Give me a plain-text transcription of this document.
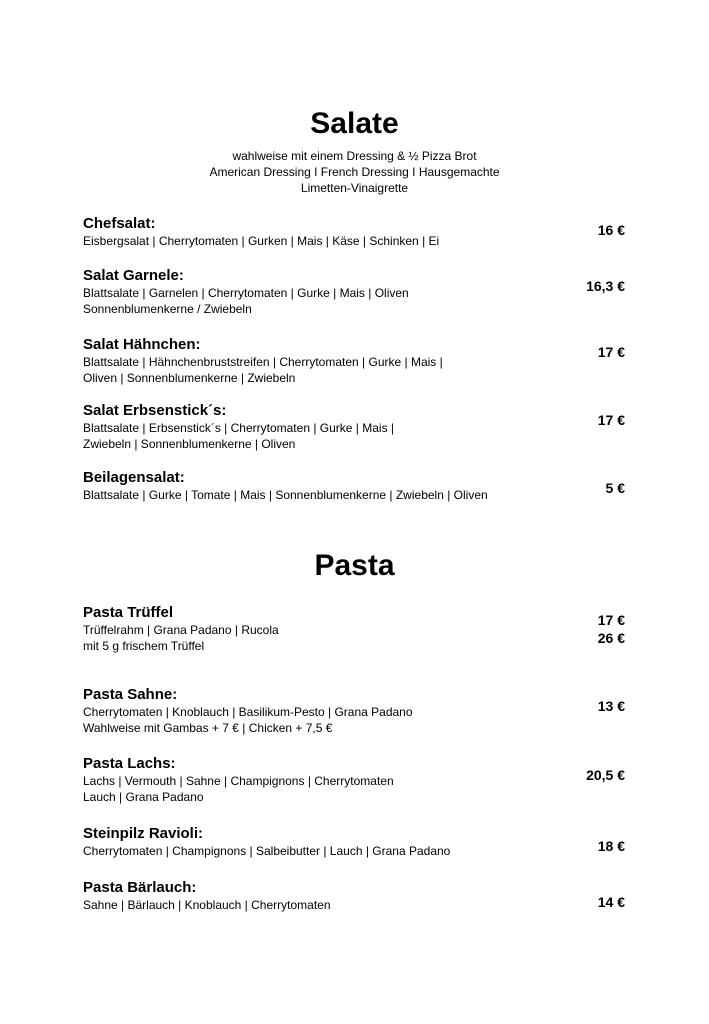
Salate
wahlweise mit einem Dressing & ½ Pizza Brot
American Dressing I French Dressing I Hausgemachte
Limetten-Vinaigrette
Chefsalat:
Eisbergsalat | Cherrytomaten | Gurken | Mais | Käse | Schinken | Ei
16 €
Salat Garnele:
Blattsalate | Garnelen | Cherrytomaten | Gurke | Mais | Oliven
Sonnenblumenkerne / Zwiebeln
16,3 €
Salat Hähnchen:
Blattsalate | Hähnchenbruststreifen | Cherrytomaten | Gurke | Mais |
Oliven | Sonnenblumenkerne | Zwiebeln
17 €
Salat Erbsenstick´s:
Blattsalate | Erbsenstick´s | Cherrytomaten | Gurke | Mais |
Zwiebeln | Sonnenblumenkerne | Oliven
17 €
Beilagensalat:
Blattsalate | Gurke | Tomate | Mais | Sonnenblumenkerne | Zwiebeln | Oliven	5 €
Pasta
Pasta Trüffel
Trüffelrahm | Grana Padano | Rucola
mit 5 g frischem Trüffel
17 €
26 €
Pasta Sahne:
Cherrytomaten | Knoblauch | Basilikum-Pesto | Grana Padano
Wahlweise mit Gambas + 7 € | Chicken + 7,5 €
13 €
Pasta Lachs:
Lachs | Vermouth | Sahne | Champignons | Cherrytomaten
Lauch | Grana Padano
20,5 €
Steinpilz Ravioli:
Cherrytomaten | Champignons | Salbeibutter | Lauch | Grana Padano	18 €
Pasta Bärlauch:
Sahne | Bärlauch | Knoblauch | Cherrytomaten	14 €
